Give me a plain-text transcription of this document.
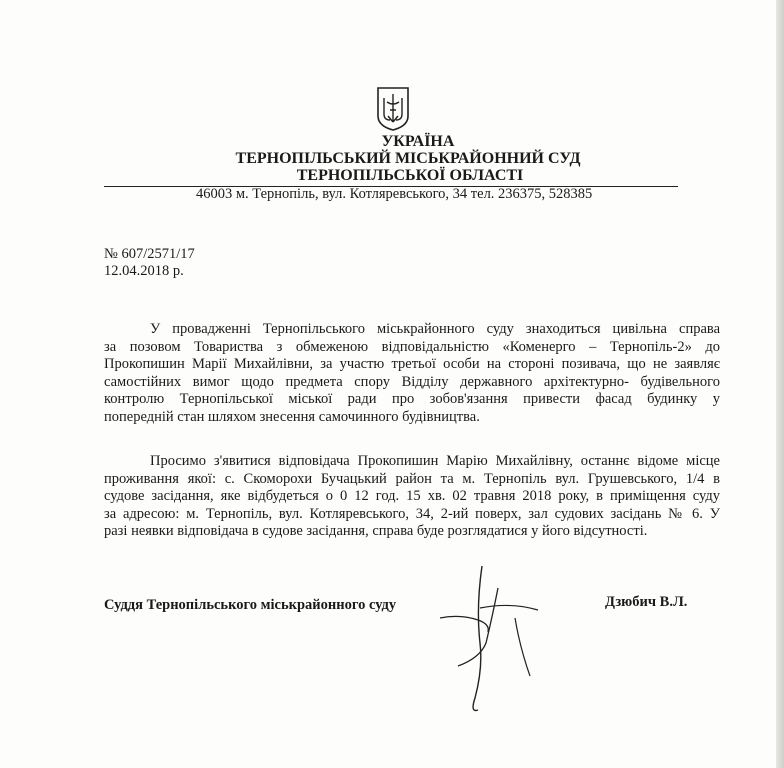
УКРАЇНА
ТЕРНОПІЛЬСЬКИЙ МІСЬКРАЙОННИЙ СУД
ТЕРНОПІЛЬСЬКОЇ ОБЛАСТІ
46003 м. Тернопіль, вул. Котляревського, 34 тел. 236375, 528385
№ 607/2571/17
12.04.2018 р.
У провадженні Тернопільського міськрайонного суду знаходиться цивільна справа
за позовом Товариства з обмеженою відповідальністю «Коменерго – Тернопіль-2» до
Прокопишин Марії Михайлівни, за участю третьої особи на стороні позивача, що не заявляє
самостійних вимог щодо предмета спору Відділу державного архітектурно- будівельного
контролю Тернопільської міської ради про зобов'язання привести фасад будинку у
попередній стан шляхом знесення самочинного будівництва.
Просимо з'явитися відповідача Прокопишин Марію Михайлівну, останнє відоме місце
проживання якої: с. Скоморохи Бучацький район та м. Тернопіль вул. Грушевського, 1/4 в
судове засідання, яке відбудеться о 0 12 год. 15 хв. 02 травня 2018 року, в приміщення суду
за адресою: м. Тернопіль, вул. Котляревського, 34, 2-ий поверх, зал судових засідань № 6. У
разі неявки відповідача в судове засідання, справа буде розглядатися у його відсутності.
Суддя Тернопільського міськрайонного суду	Дзюбич В.Л.
